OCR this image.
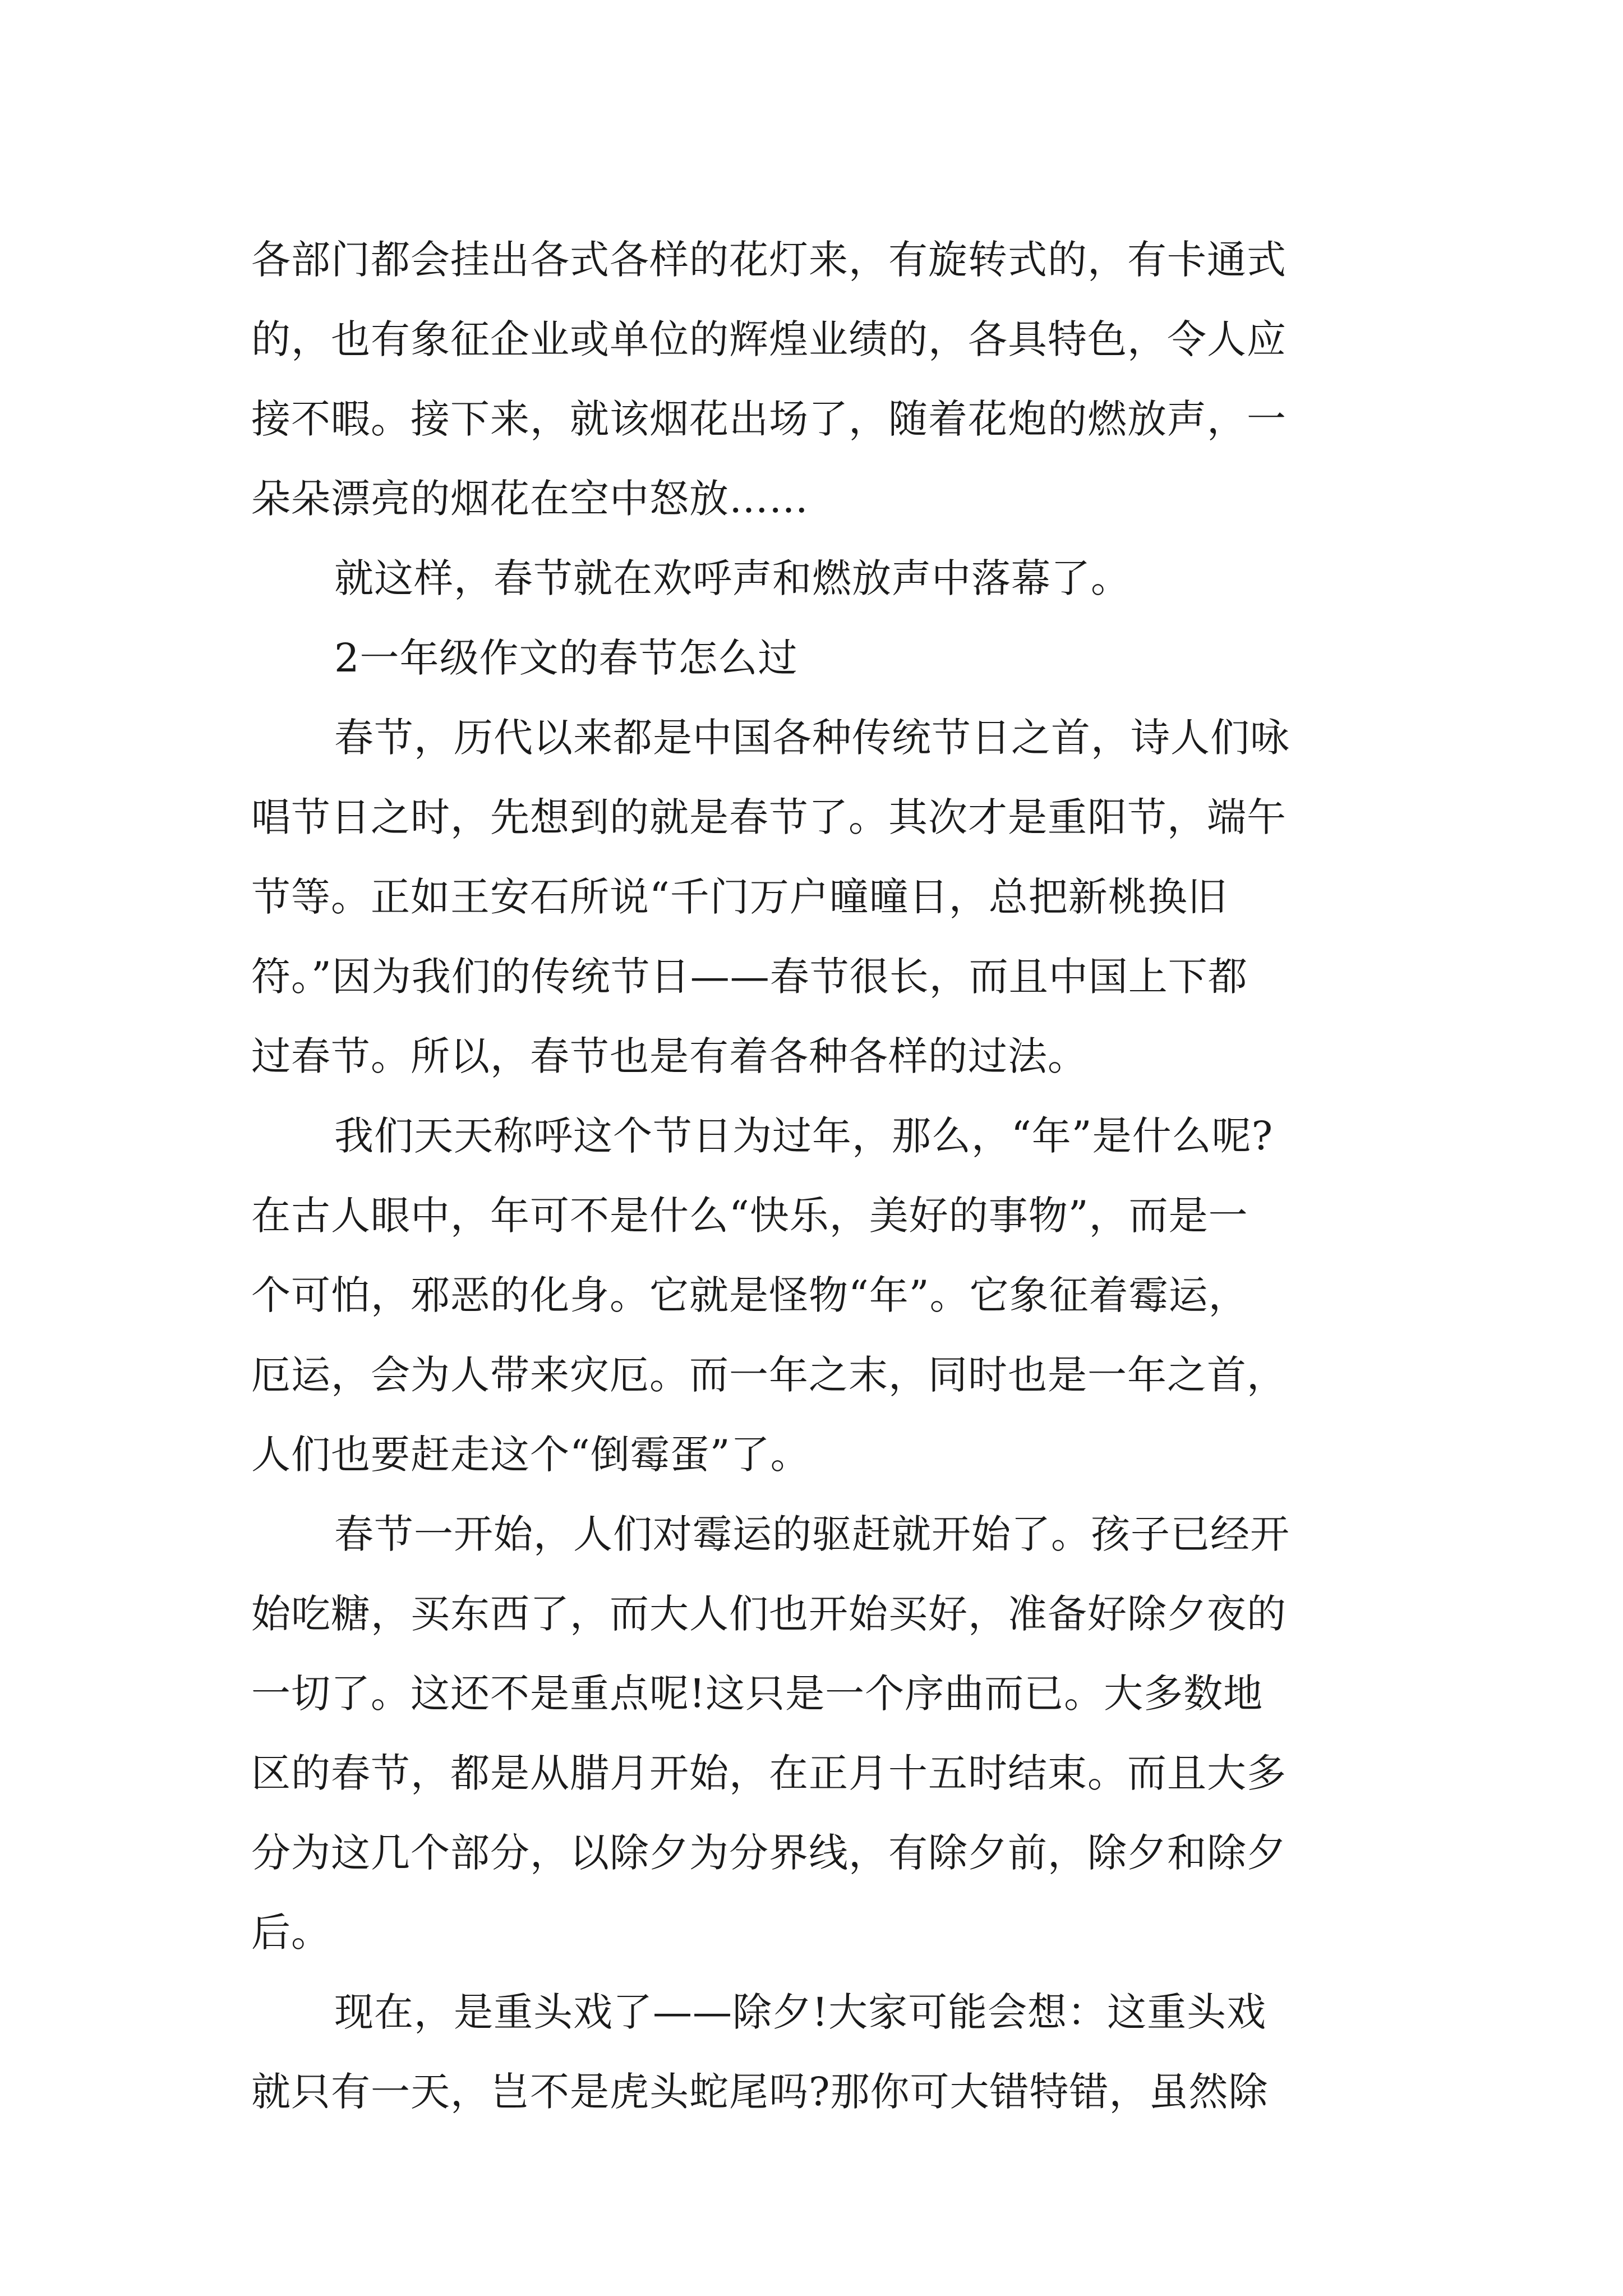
各部门都会挂出各式各样的花灯来，有旋转式的，有卡通式
的，也有象征企业或单位的辉煌业绩的，各具特色，令人应
接不暇。接下来，就该烟花出场了，随着花炮的燃放声，一
朵朵漂亮的烟花在空中怒放……
就这样，春节就在欢呼声和燃放声中落幕了。
2一年级作文的春节怎么过
春节，历代以来都是中国各种传统节日之首，诗人们咏
唱节日之时，先想到的就是春节了。其次才是重阳节，端午
节等。正如王安石所说“千门万户曈曈日，总把新桃换旧
符。”因为我们的传统节日——春节很长，而且中国上下都
过春节。所以，春节也是有着各种各样的过法。
我们天天称呼这个节日为过年，那么，“年”是什么呢?
在古人眼中，年可不是什么“快乐，美好的事物”，而是一
个可怕，邪恶的化身。它就是怪物“年”。它象征着霉运，
厄运，会为人带来灾厄。而一年之末，同时也是一年之首，
人们也要赶走这个“倒霉蛋”了。
春节一开始，人们对霉运的驱赶就开始了。孩子已经开
始吃糖，买东西了，而大人们也开始买好，准备好除夕夜的
一切了。这还不是重点呢!这只是一个序曲而已。大多数地
区的春节，都是从腊月开始，在正月十五时结束。而且大多
分为这几个部分，以除夕为分界线，有除夕前，除夕和除夕
后。
现在，是重头戏了——除夕!大家可能会想：这重头戏
就只有一天，岂不是虎头蛇尾吗?那你可大错特错，虽然除
